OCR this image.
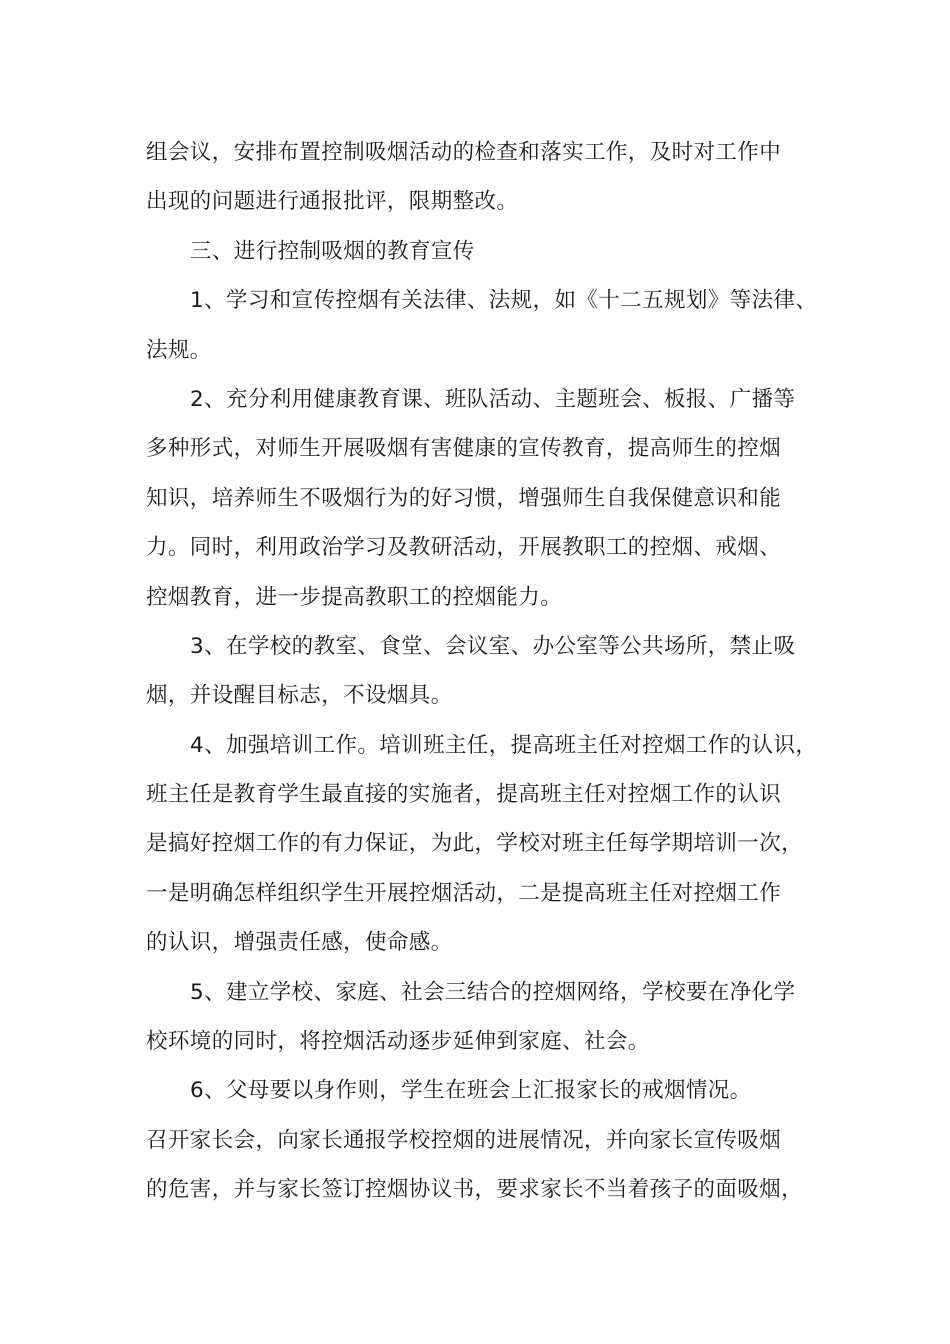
组会议，安排布置控制吸烟活动的检查和落实工作，及时对工作中
出现的问题进行通报批评，限期整改。
三、进行控制吸烟的教育宣传
1、学习和宣传控烟有关法律、法规，如《十二五规划》等法律、
法规。
2、充分利用健康教育课、班队活动、主题班会、板报、广播等
多种形式，对师生开展吸烟有害健康的宣传教育，提高师生的控烟
知识，培养师生不吸烟行为的好习惯，增强师生自我保健意识和能
力。同时，利用政治学习及教研活动，开展教职工的控烟、戒烟、
控烟教育，进一步提高教职工的控烟能力。
3、在学校的教室、食堂、会议室、办公室等公共场所，禁止吸
烟，并设醒目标志，不设烟具。
4、加强培训工作。培训班主任，提高班主任对控烟工作的认识，
班主任是教育学生最直接的实施者，提高班主任对控烟工作的认识
是搞好控烟工作的有力保证，为此，学校对班主任每学期培训一次，
一是明确怎样组织学生开展控烟活动，二是提高班主任对控烟工作
的认识，增强责任感，使命感。
5、建立学校、家庭、社会三结合的控烟网络，学校要在净化学
校环境的同时，将控烟活动逐步延伸到家庭、社会。
6、父母要以身作则，学生在班会上汇报家长的戒烟情况。
召开家长会，向家长通报学校控烟的进展情况，并向家长宣传吸烟
的危害，并与家长签订控烟协议书，要求家长不当着孩子的面吸烟，
